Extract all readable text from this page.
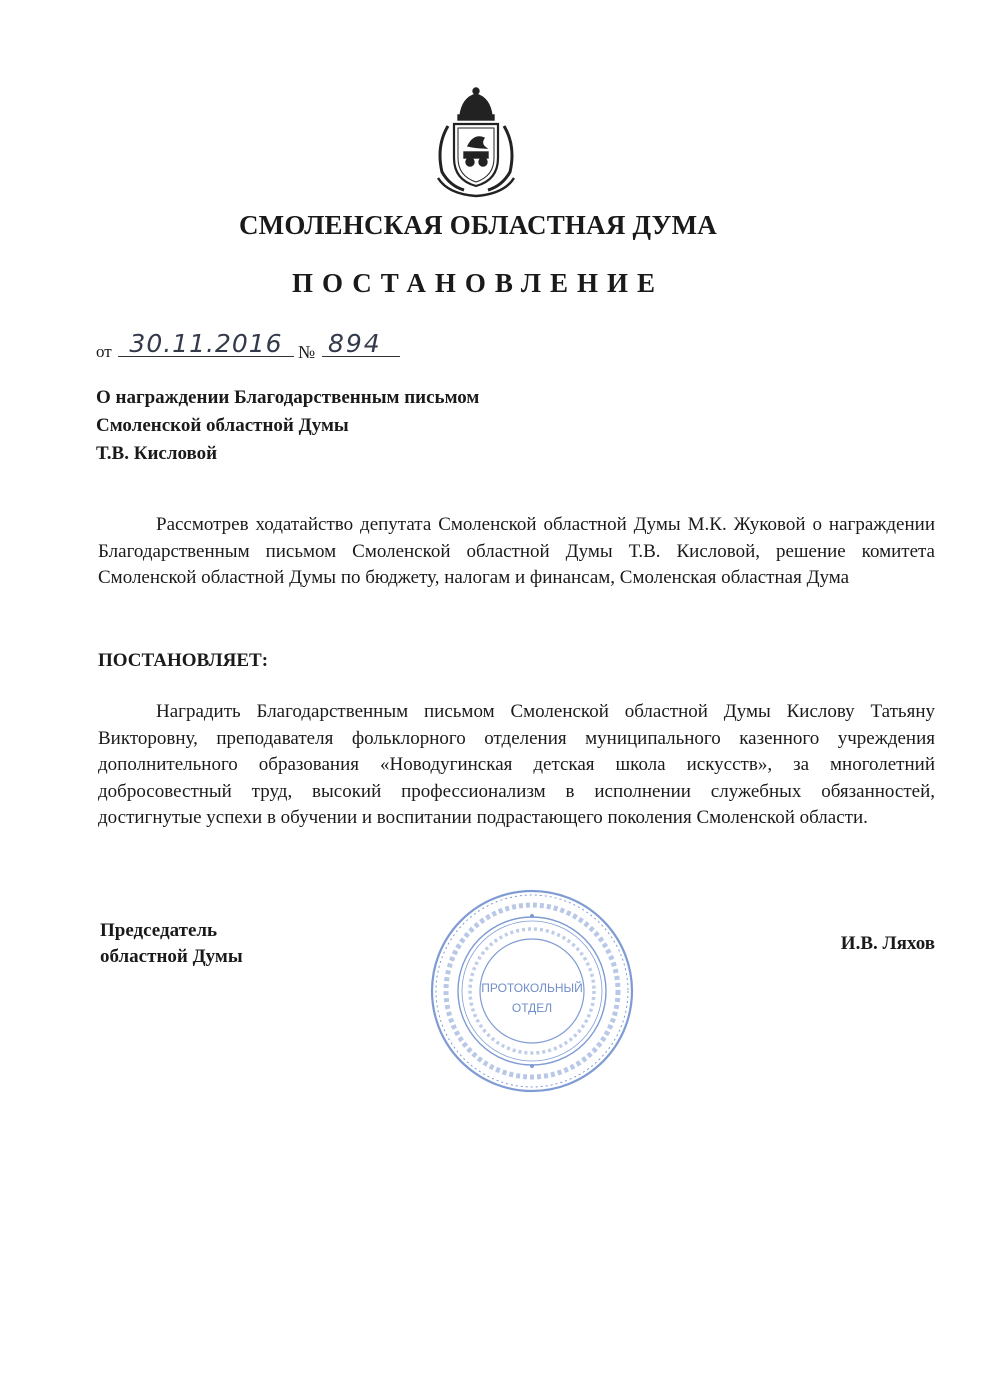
СМОЛЕНСКАЯ ОБЛАСТНАЯ ДУМА
ПОСТАНОВЛЕНИЕ
от 30.11.2016 № 894
О награждении Благодарственным письмом
Смоленской областной Думы
Т.В. Кисловой
Рассмотрев ходатайство депутата Смоленской областной Думы М.К. Жуковой о награждении Благодарственным письмом Смоленской областной Думы Т.В. Кисловой, решение комитета Смоленской областной Думы по бюджету, налогам и финансам, Смоленская областная Дума
ПОСТАНОВЛЯЕТ:
Наградить Благодарственным письмом Смоленской областной Думы Кислову Татьяну Викторовну, преподавателя фольклорного отделения муниципального казенного учреждения дополнительного образования «Новодугинская детская школа искусств», за многолетний добросовестный труд, высокий профессионализм в исполнении служебных обязанностей, достигнутые успехи в обучении и воспитании подрастающего поколения Смоленской области.
Председатель
областной Думы
И.В. Ляхов
ПРОТОКОЛЬНЫЙ
ОТДЕЛ
